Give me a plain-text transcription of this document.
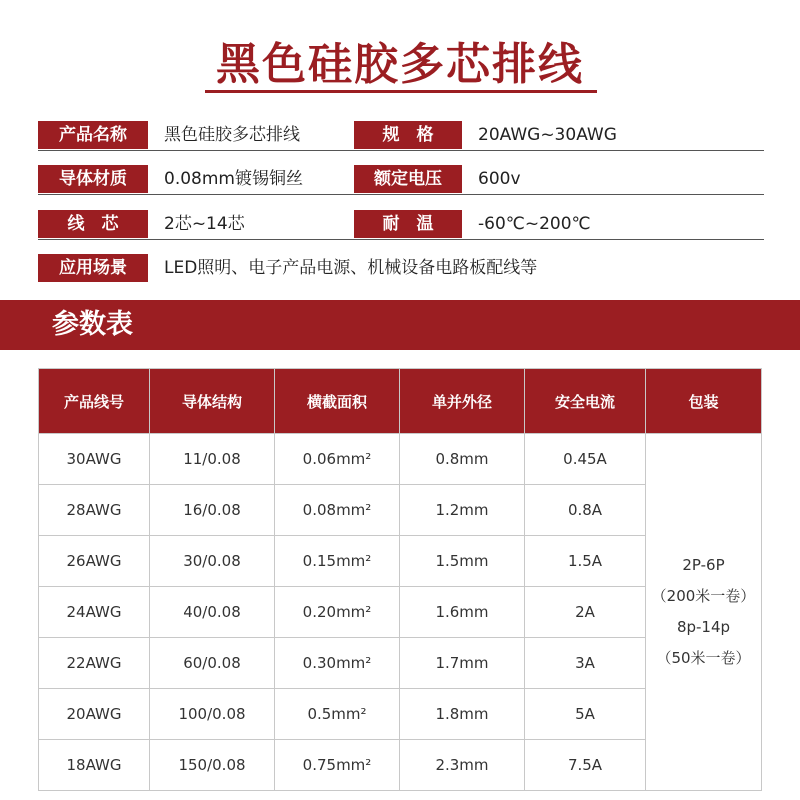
黑色硅胶多芯排线
产品名称	黑色硅胶多芯排线	规　格	20AWG~30AWG
导体材质	0.08mm镀锡铜丝	额定电压	600v
线　芯	2芯~14芯	耐　温	-60℃~200℃
应用场景	LED照明、电子产品电源、机械设备电路板配线等
参数表
产品线号	导体结构	横截面积	单并外径	安全电流	包装
30AWG	11/0.08	0.06mm²	0.8mm	0.45A	2P-6P
（200米一卷）
8p-14p
（50米一卷）

28AWG	16/0.08	0.08mm²	1.2mm	0.8A	
26AWG	30/0.08	0.15mm²	1.5mm	1.5A	
24AWG	40/0.08	0.20mm²	1.6mm	2A	
22AWG	60/0.08	0.30mm²	1.7mm	3A	
20AWG	100/0.08	0.5mm²	1.8mm	5A	
18AWG	150/0.08	0.75mm²	2.3mm	7.5A	
